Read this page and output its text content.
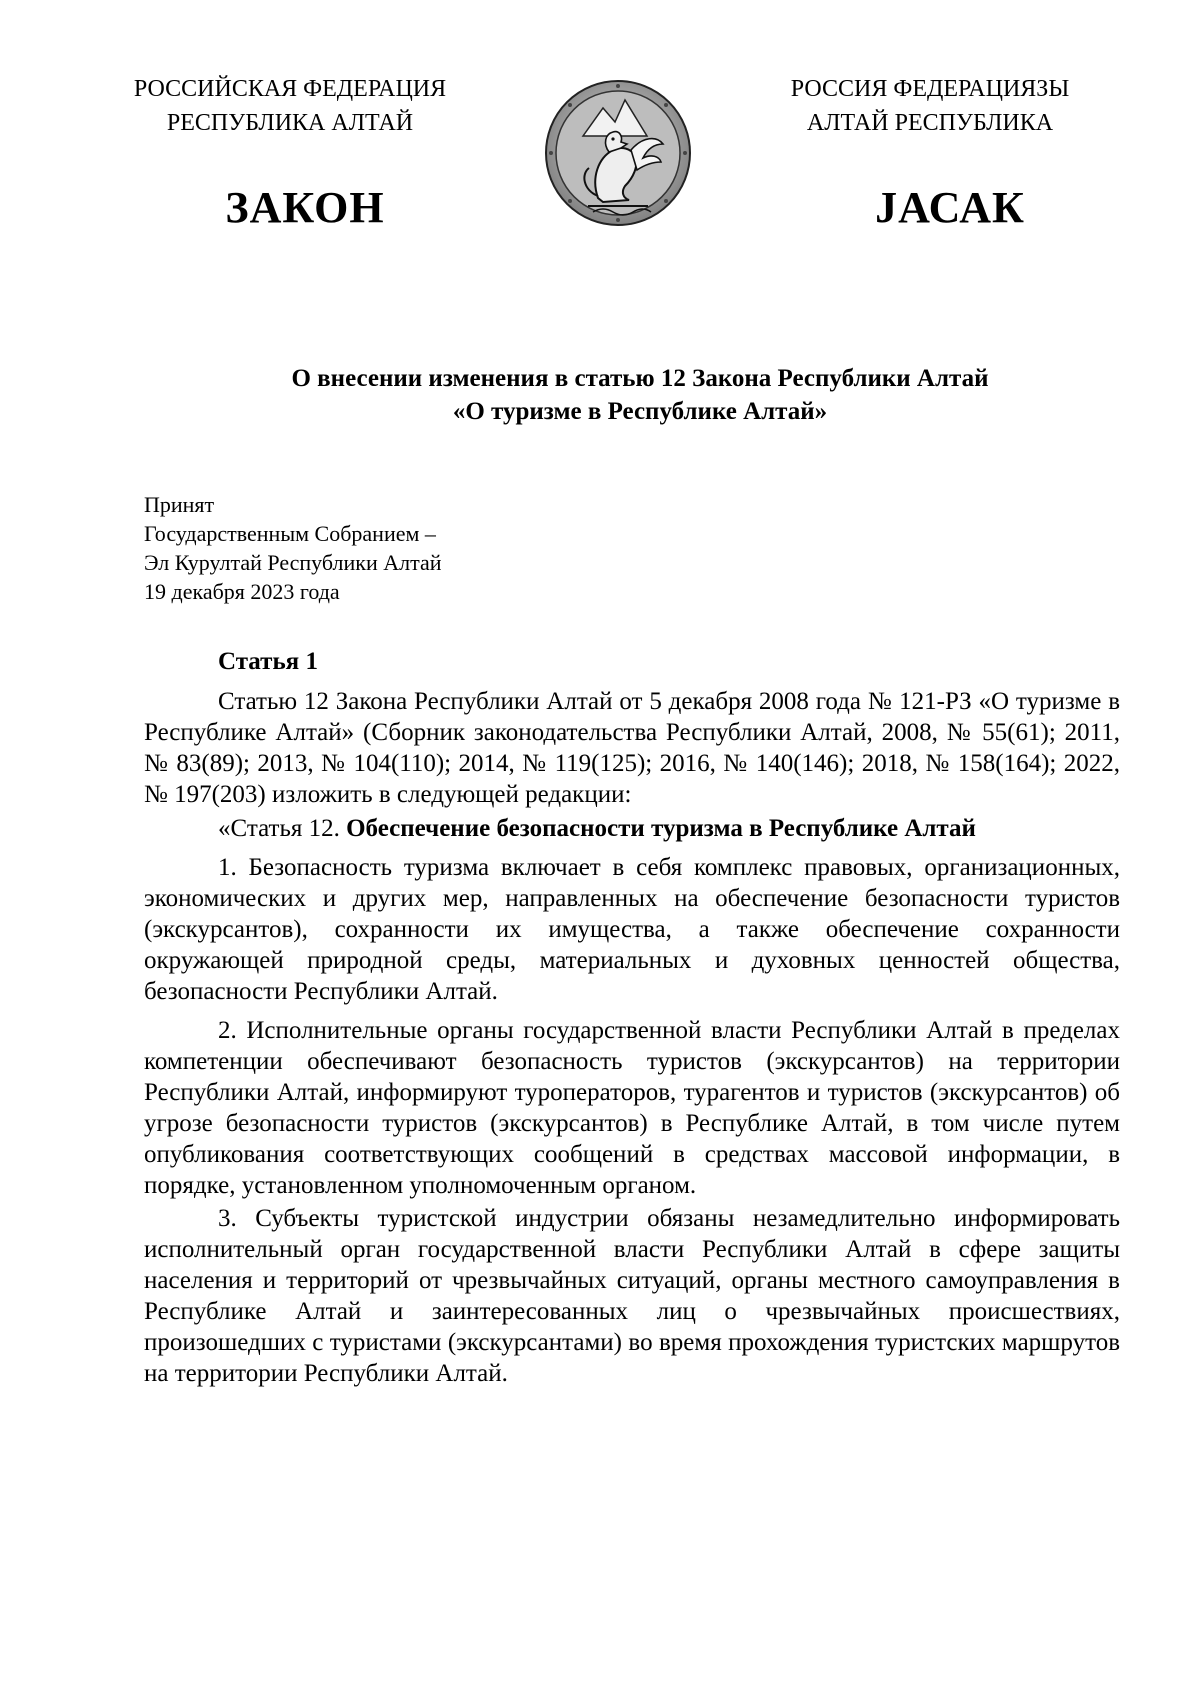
РОССИЙСКАЯ ФЕДЕРАЦИЯ
РЕСПУБЛИКА АЛТАЙ
РОССИЯ ФЕДЕРАЦИЯЗЫ
АЛТАЙ РЕСПУБЛИКА
ЗАКОН	JАСАК
О внесении изменения в статью 12 Закона Республики Алтай
«О туризме в Республике Алтай»
Принят
Государственным Собранием –
Эл Курултай Республики Алтай
19 декабря 2023 года
Статья 1

Статью 12 Закона Республики Алтай от 5 декабря 2008 года № 121-РЗ «О туризме в Республике Алтай» (Сборник законодательства Республики Алтай, 2008, № 55(61); 2011, № 83(89); 2013, № 104(110); 2014, № 119(125); 2016, № 140(146); 2018, № 158(164); 2022, № 197(203) изложить в следующей редакции:

«Статья 12. Обеспечение безопасности туризма в Республике Алтай

1. Безопасность туризма включает в себя комплекс правовых, организационных, экономических и других мер, направленных на обеспечение безопасности туристов (экскурсантов), сохранности их имущества, а также обеспечение сохранности окружающей природной среды, материальных и духовных ценностей общества, безопасности Республики Алтай.

2. Исполнительные органы государственной власти Республики Алтай в пределах компетенции обеспечивают безопасность туристов (экскурсантов) на территории Республики Алтай, информируют туроператоров, турагентов и туристов (экскурсантов) об угрозе безопасности туристов (экскурсантов) в Республике Алтай, в том числе путем опубликования соответствующих сообщений в средствах массовой информации, в порядке, установленном уполномоченным органом.

3. Субъекты туристской индустрии обязаны незамедлительно информировать исполнительный орган государственной власти Республики Алтай в сфере защиты населения и территорий от чрезвычайных ситуаций, органы местного самоуправления в Республике Алтай и заинтересованных лиц о чрезвычайных происшествиях, произошедших с туристами (экскурсантами) во время прохождения туристских маршрутов на территории Республики Алтай.
